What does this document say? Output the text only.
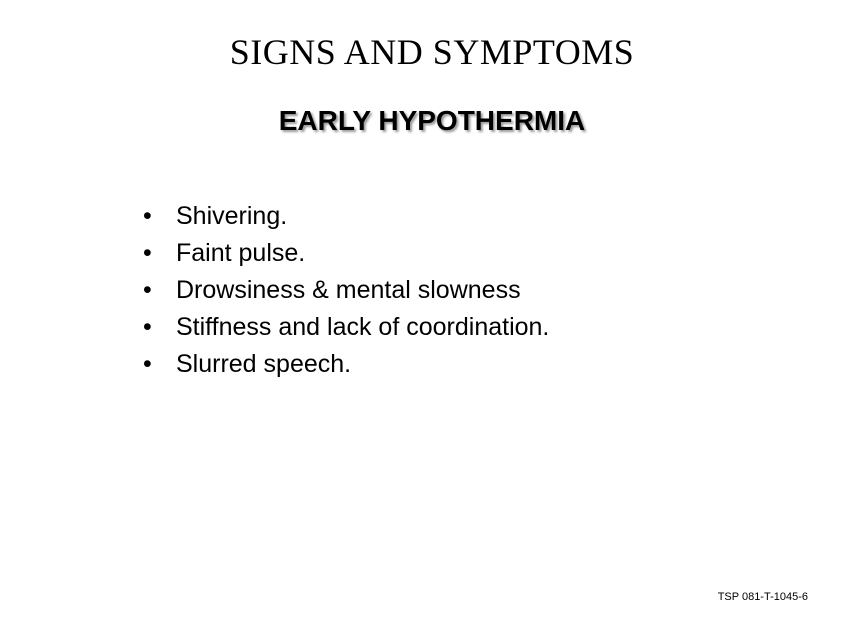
SIGNS AND SYMPTOMS
EARLY HYPOTHERMIA
• Shivering.
• Faint pulse.
• Drowsiness & mental slowness
• Stiffness and lack of coordination.
• Slurred speech.
TSP 081-T-1045-6
